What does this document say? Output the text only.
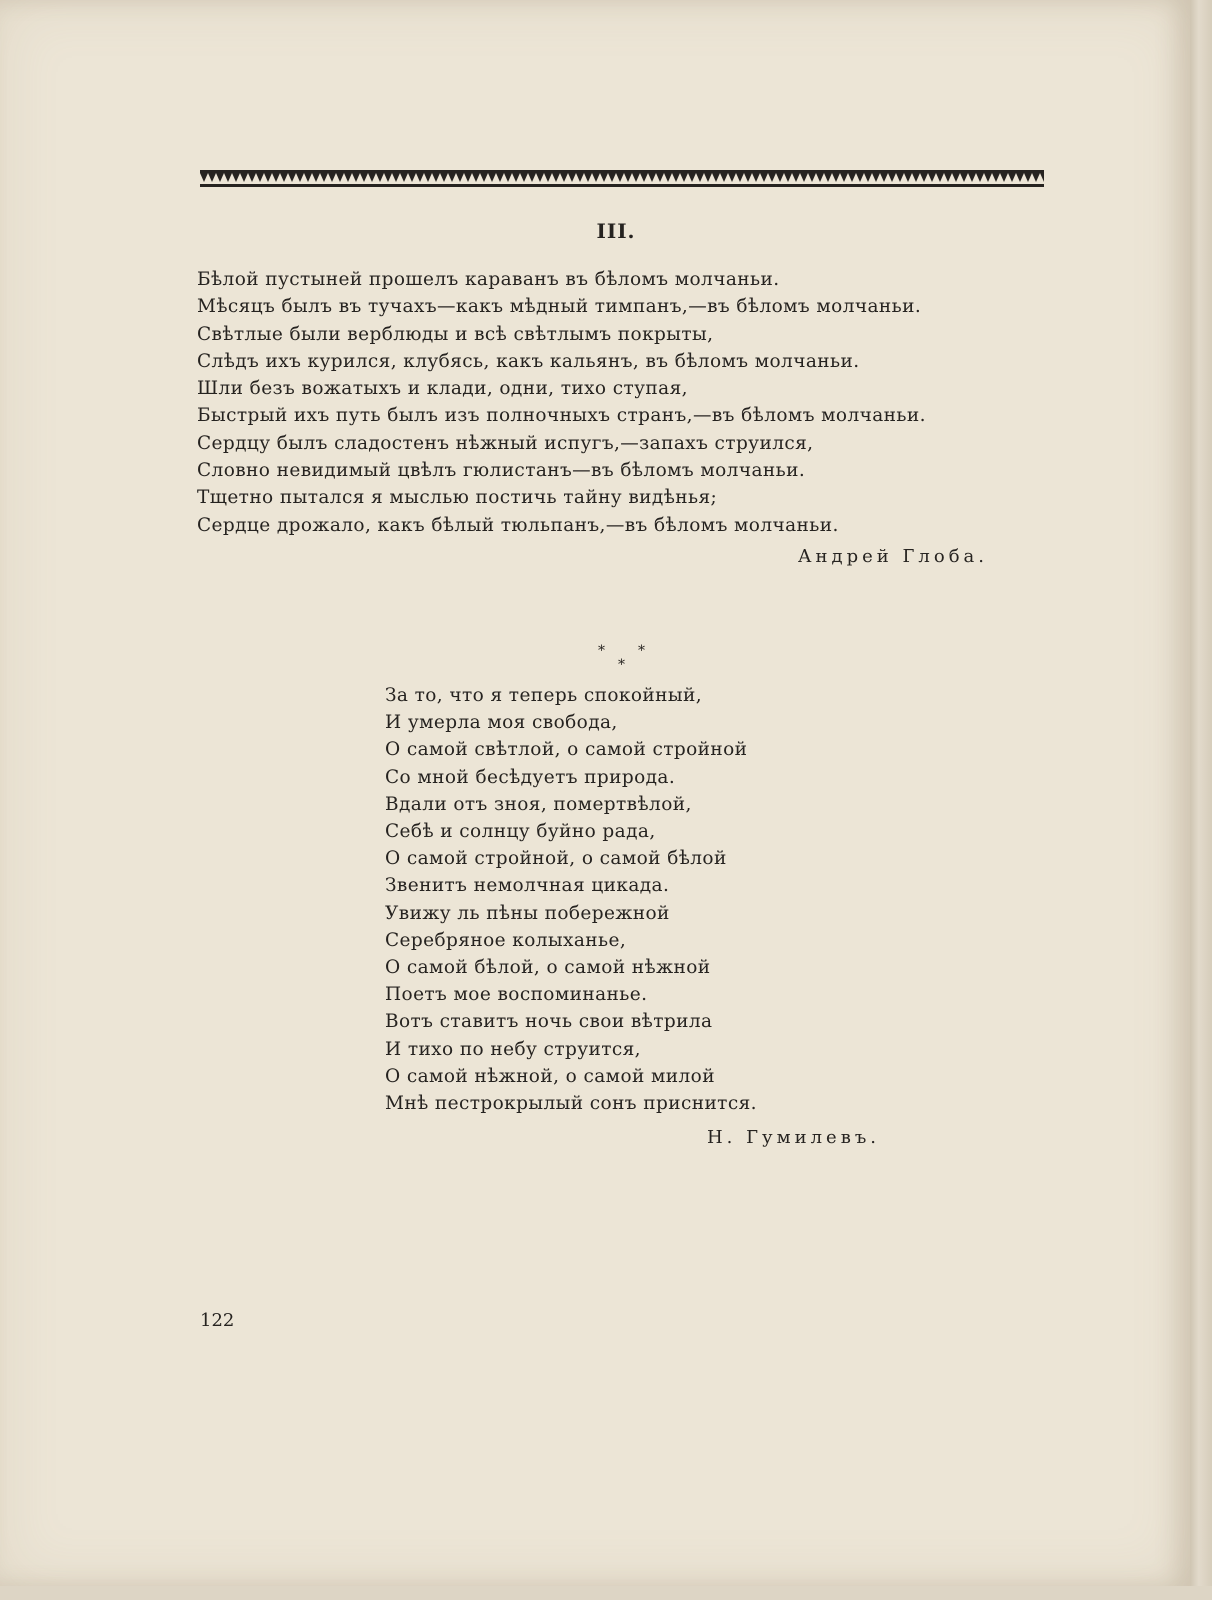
III.
Бѣлой пустыней прошелъ караванъ въ бѣломъ молчаньи.
Мѣсяцъ былъ въ тучахъ—какъ мѣдный тимпанъ,—въ бѣломъ молчаньи.
Свѣтлые были верблюды и всѣ свѣтлымъ покрыты,
Слѣдъ ихъ курился, клубясь, какъ кальянъ, въ бѣломъ молчаньи.
Шли безъ вожатыхъ и клади, одни, тихо ступая,
Быстрый ихъ путь былъ изъ полночныхъ странъ,—въ бѣломъ молчаньи.
Сердцу былъ сладостенъ нѣжный испугъ,—запахъ струился,
Словно невидимый цвѣлъ гюлистанъ—въ бѣломъ молчаньи.
Тщетно пытался я мыслью постичь тайну видѣнья;
Сердце дрожало, какъ бѣлый тюльпанъ,—въ бѣломъ молчаньи.

Андрей Глоба.

* *
*
За то, что я теперь спокойный,
И умерла моя свобода,
О самой свѣтлой, о самой стройной
Со мной бесѣдуетъ природа.
Вдали отъ зноя, помертвѣлой,
Себѣ и солнцу буйно рада,
О самой стройной, о самой бѣлой
Звенитъ немолчная цикада.
Увижу ль пѣны побережной
Серебряное колыханье,
О самой бѣлой, о самой нѣжной
Поетъ мое воспоминанье.
Вотъ ставитъ ночь свои вѣтрила
И тихо по небу струится,
О самой нѣжной, о самой милой
Мнѣ пестрокрылый сонъ приснится.

Н. Гумилевъ.

122
